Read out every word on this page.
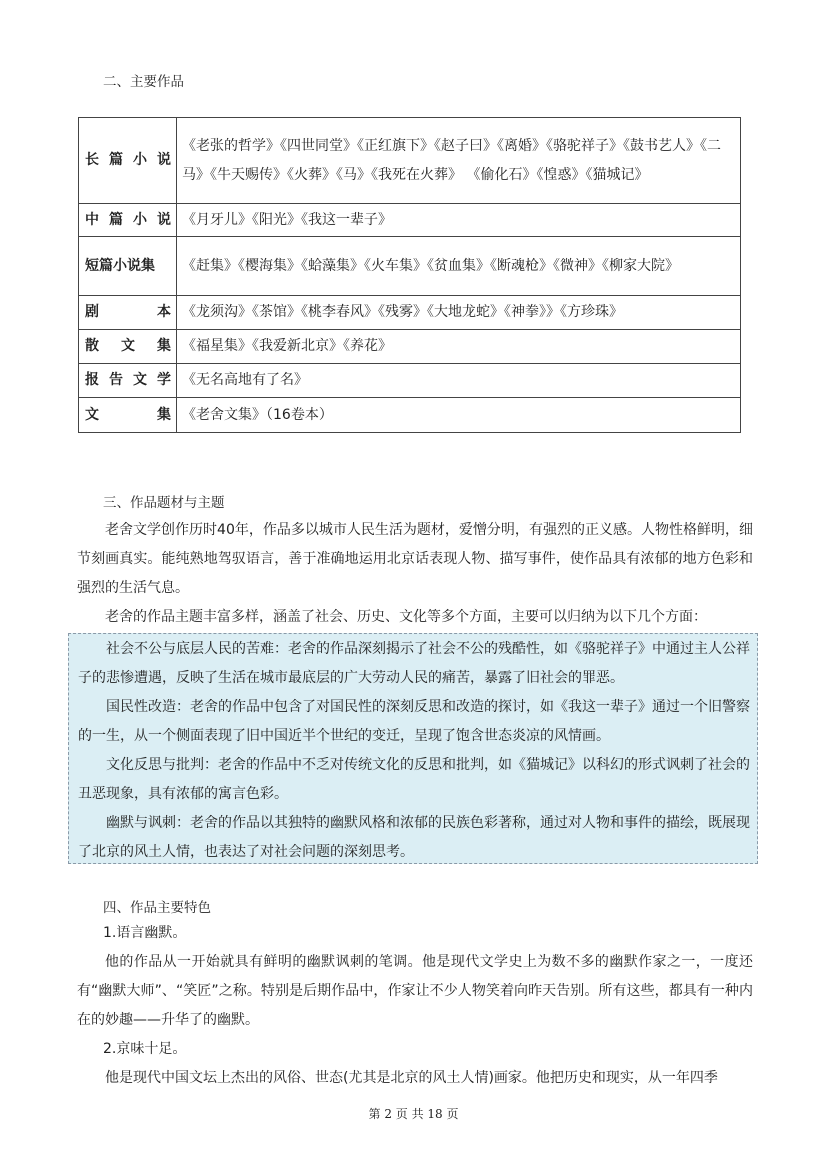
二、主要作品
长篇小说	《老张的哲学》《四世同堂》《正红旗下》《赵子曰》《离婚》《骆驼祥子》《鼓书艺人》《二马》《牛天赐传》《火葬》《马》《我死在火葬》 《偷化石》《惶惑》《猫城记》
中篇小说	《月牙儿》《阳光》《我这一辈子》
短篇小说集	《赶集》《樱海集》《蛤藻集》《火车集》《贫血集》《断魂枪》《微神》《柳家大院》
剧本	《龙须沟》《茶馆》《桃李春风》《残雾》《大地龙蛇》《神拳》》《方珍珠》
散文集	《福星集》《我爱新北京》《养花》
报告文学	《无名高地有了名》
文集	《老舍文集》（16卷本）
三、作品题材与主题
老舍文学创作历时40年，作品多以城市人民生活为题材，爱憎分明，有强烈的正义感。人物性格鲜明，细节刻画真实。能纯熟地驾驭语言，善于准确地运用北京话表现人物、描写事件，使作品具有浓郁的地方色彩和强烈的生活气息。
老舍的作品主题丰富多样，涵盖了社会、历史、文化等多个方面，主要可以归纳为以下几个方面：
社会不公与底层人民的苦难：老舍的作品深刻揭示了社会不公的残酷性，如《骆驼祥子》中通过主人公祥子的悲惨遭遇，反映了生活在城市最底层的广大劳动人民的痛苦，暴露了旧社会的罪恶。
国民性改造：老舍的作品中包含了对国民性的深刻反思和改造的探讨，如《我这一辈子》通过一个旧警察的一生，从一个侧面表现了旧中国近半个世纪的变迁，呈现了饱含世态炎凉的风情画。
文化反思与批判：老舍的作品中不乏对传统文化的反思和批判，如《猫城记》以科幻的形式讽刺了社会的丑恶现象，具有浓郁的寓言色彩。
幽默与讽刺：老舍的作品以其独特的幽默风格和浓郁的民族色彩著称，通过对人物和事件的描绘，既展现了北京的风土人情，也表达了对社会问题的深刻思考。
四、作品主要特色
1.语言幽默。
他的作品从一开始就具有鲜明的幽默讽刺的笔调。他是现代文学史上为数不多的幽默作家之一，一度还有“幽默大师”、“笑匠”之称。特别是后期作品中，作家让不少人物笑着向昨天告别。所有这些，都具有一种内在的妙趣——升华了的幽默。
2.京味十足。
他是现代中国文坛上杰出的风俗、世态(尤其是北京的风土人情)画家。他把历史和现实，从一年四季
第 2 页 共 18 页
